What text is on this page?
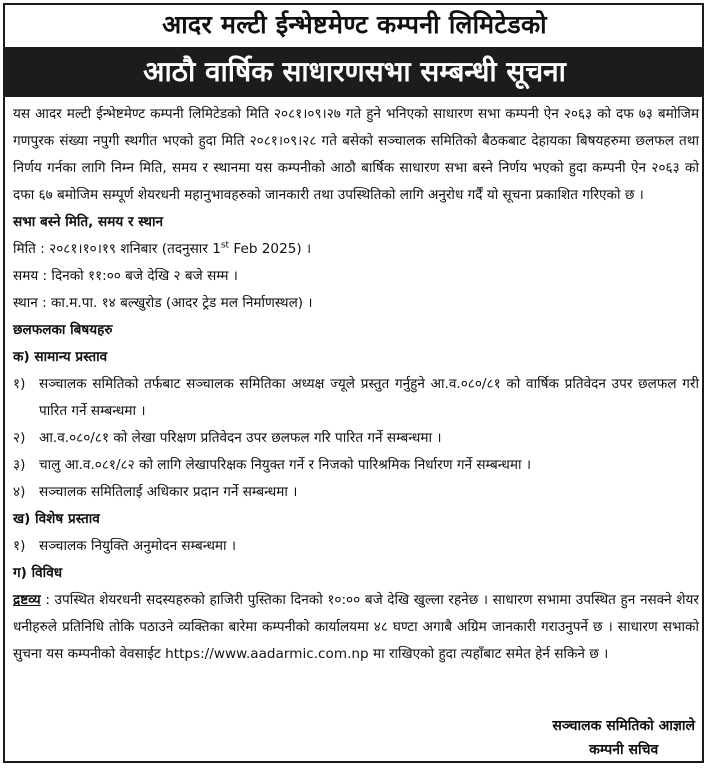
आदर मल्टी ईन्भेष्टमेण्ट कम्पनी लिमिटेडको
आठौ वार्षिक साधारणसभा सम्बन्धी सूचना

यस आदर मल्टी ईन्भेष्टमेण्ट कम्पनी लिमिटेडको मिति २०८१।०९।२७ गते हुने भनिएको साधारण सभा कम्पनी ऐन २०६३ को दफ ७३ बमोजिम गणपुरक संख्या नपुगी स्थगीत भएको हुदा मिति २०८१।०९।२८ गते बसेको सञ्चालक समितिको बैठकबाट देहायका बिषयहरुमा छलफल तथा निर्णय गर्नका लागि निम्न मिति, समय र स्थानमा यस कम्पनीको आठौ बार्षिक साधारण सभा बस्ने निर्णय भएको हुदा कम्पनी ऐन २०६३ को दफा ६७ बमोजिम सम्पूर्ण शेयरधनी महानुभावहरुको जानकारी तथा उपस्थितिको लागि अनुरोध गर्दैं यो सूचना प्रकाशित गरिएको छ ।

सभा बस्ने मिति, समय र स्थान

मिति : २०८१।१०।१९ शनिबार (तदनुसार 1st Feb 2025) ।

समय : दिनको ११:०० बजे देखि २ बजे सम्म ।

स्थान : का.म.पा. १४ बल्खुरोड (आदर ट्रेड मल निर्माणस्थल) ।

छलफलका बिषयहरु

क) सामान्य प्रस्ताव

१)	सञ्चालक समितिको तर्फबाट सञ्चालक समितिका अध्यक्ष ज्यूले प्रस्तुत गर्नुहुने आ.व.०८०/८१ को वार्षिक प्रतिवेदन उपर छलफल गरी पारित गर्ने सम्बन्धमा ।
२)	आ.व.०८०/८१ को लेखा परिक्षण प्रतिवेदन उपर छलफल गरि पारित गर्ने सम्बन्धमा ।
३)	चालु आ.व.०८१/८२ को लागि लेखापरिक्षक नियुक्त गर्ने र निजको पारिश्रमिक निर्धारण गर्ने सम्बन्धमा ।
४)	सञ्चालक समितिलाई अधिकार प्रदान गर्ने सम्बन्धमा ।

ख) विशेष प्रस्ताव

१)	सञ्चालक नियुक्ति अनुमोदन सम्बन्धमा ।

ग) विविध

द्रष्टव्य : उपस्थित शेयरधनी सदस्यहरुको हाजिरी पुस्तिका दिनको १०:०० बजे देखि खुल्ला रहनेछ । साधारण सभामा उपस्थित हुन नसक्ने शेयर धनीहरुले प्रतिनिधि तोकि पठाउने व्यक्तिका बारेमा कम्पनीको कार्यालयमा ४८ घण्टा अगाबै अग्रिम जानकारी गराउनुपर्ने छ । साधारण सभाको सुचना यस कम्पनीको वेवसाईट https://www.aadarmic.com.np मा राखिएको हुदा त्यहाँबाट समेत हेर्न सकिने छ ।

सञ्चालक समितिको आज्ञाले
कम्पनी सचिव
